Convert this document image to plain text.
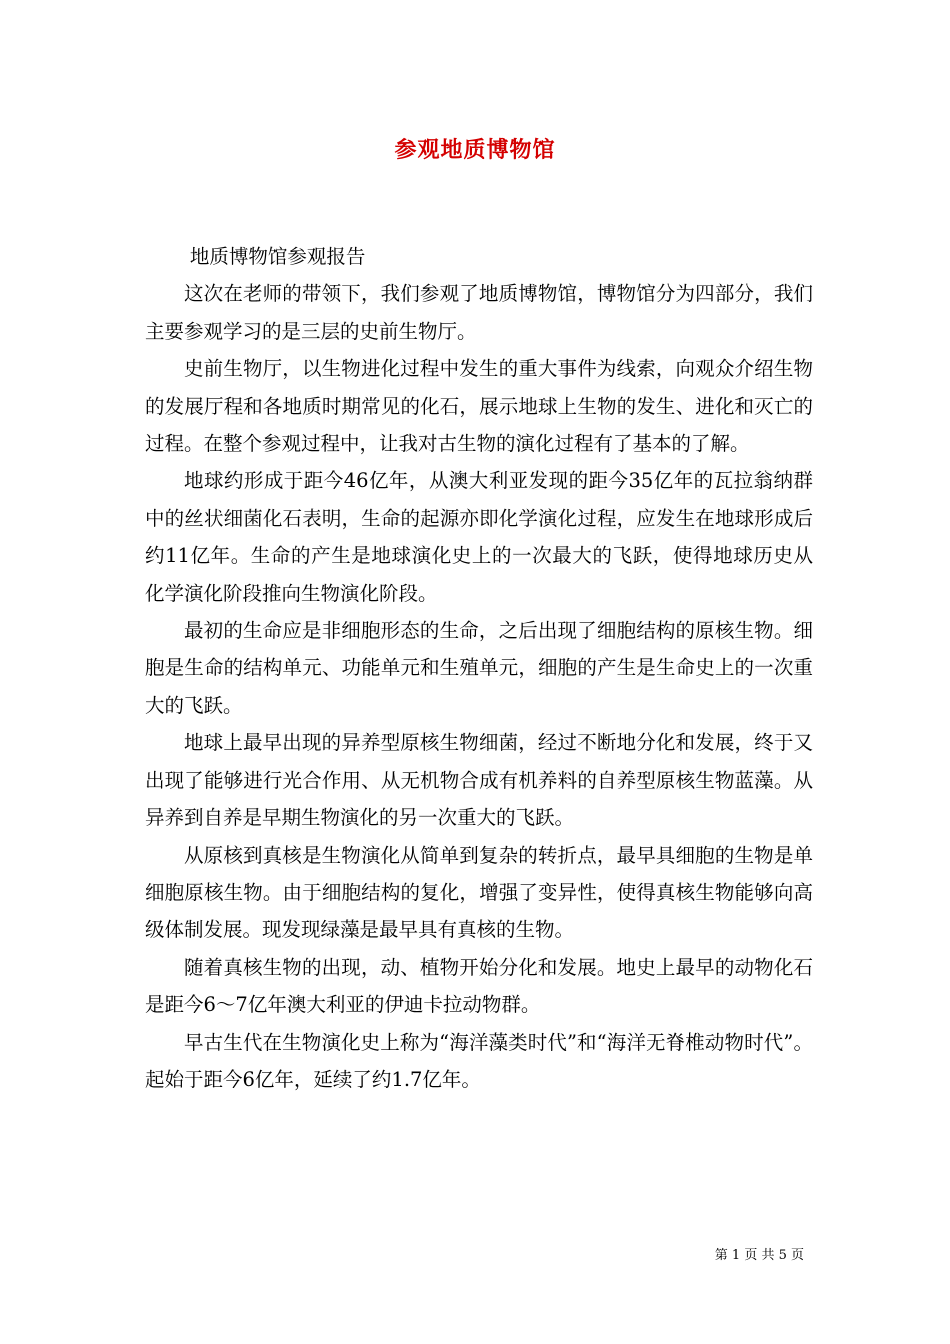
参观地质博物馆

地质博物馆参观报告

这次在老师的带领下，我们参观了地质博物馆，博物馆分为四部分，我们主要参观学习的是三层的史前生物厅。

史前生物厅，以生物进化过程中发生的重大事件为线索，向观众介绍生物的发展厅程和各地质时期常见的化石，展示地球上生物的发生、进化和灭亡的过程。在整个参观过程中，让我对古生物的演化过程有了基本的了解。

地球约形成于距今46亿年，从澳大利亚发现的距今35亿年的瓦拉翁纳群中的丝状细菌化石表明，生命的起源亦即化学演化过程，应发生在地球形成后约11亿年。生命的产生是地球演化史上的一次最大的飞跃，使得地球历史从化学演化阶段推向生物演化阶段。

最初的生命应是非细胞形态的生命，之后出现了细胞结构的原核生物。细胞是生命的结构单元、功能单元和生殖单元，细胞的产生是生命史上的一次重大的飞跃。

地球上最早出现的异养型原核生物细菌，经过不断地分化和发展，终于又出现了能够进行光合作用、从无机物合成有机养料的自养型原核生物蓝藻。从异养到自养是早期生物演化的另一次重大的飞跃。

从原核到真核是生物演化从简单到复杂的转折点，最早具细胞的生物是单细胞原核生物。由于细胞结构的复化，增强了变异性，使得真核生物能够向高级体制发展。现发现绿藻是最早具有真核的生物。

随着真核生物的出现，动、植物开始分化和发展。地史上最早的动物化石是距今6～7亿年澳大利亚的伊迪卡拉动物群。

早古生代在生物演化史上称为“海洋藻类时代”和“海洋无脊椎动物时代”。起始于距今6亿年，延续了约1.7亿年。

第 1 页 共 5 页
